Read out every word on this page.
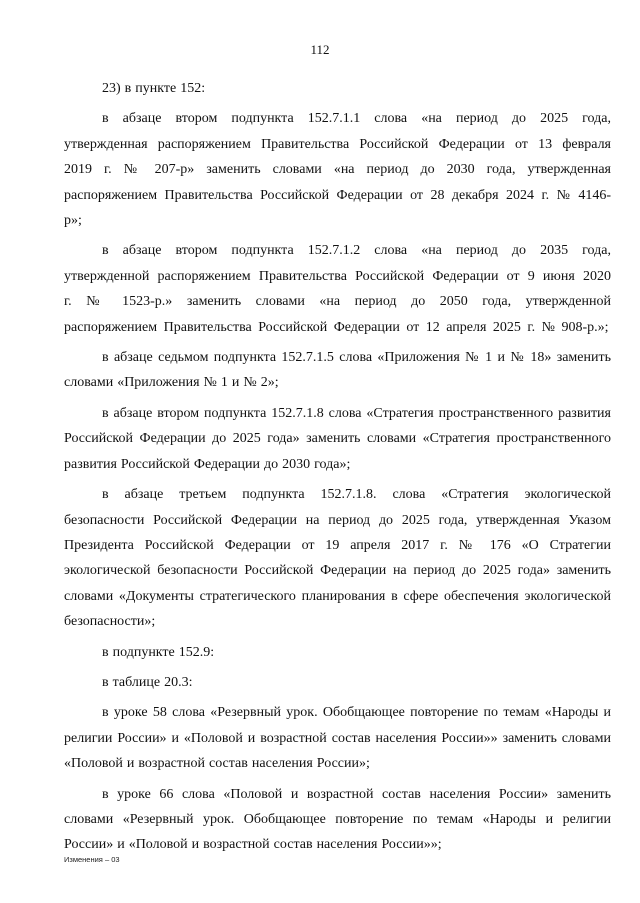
112

23) в пункте 152:

в абзаце втором подпункта 152.7.1.1 слова «на период до 2025 года, утвержденная распоряжением Правительства Российской Федерации от 13 февраля 2019 г. № 207-р» заменить словами «на период до 2030 года, утвержденная распоряжением Правительства Российской Федерации от 28 декабря 2024 г. № 4146-р»;

в абзаце втором подпункта 152.7.1.2 слова «на период до 2035 года, утвержденной распоряжением Правительства Российской Федерации от 9 июня 2020 г. № 1523-р.» заменить словами «на период до 2050 года, утвержденной распоряжением Правительства Российской Федерации от 12 апреля 2025 г. № 908-р.»;

в абзаце седьмом подпункта 152.7.1.5 слова «Приложения № 1 и № 18» заменить словами «Приложения № 1 и № 2»;

в абзаце втором подпункта 152.7.1.8 слова «Стратегия пространственного развития Российской Федерации до 2025 года» заменить словами «Стратегия пространственного развития Российской Федерации до 2030 года»;

в абзаце третьем подпункта 152.7.1.8. слова «Стратегия экологической безопасности Российской Федерации на период до 2025 года, утвержденная Указом Президента Российской Федерации от 19 апреля 2017 г. № 176 «О Стратегии экологической безопасности Российской Федерации на период до 2025 года» заменить словами «Документы стратегического планирования в сфере обеспечения экологической безопасности»;

в подпункте 152.9:

в таблице 20.3:

в уроке 58 слова «Резервный урок. Обобщающее повторение по темам «Народы и религии России» и «Половой и возрастной состав населения России»» заменить словами «Половой и возрастной состав населения России»;

в уроке 66 слова «Половой и возрастной состав населения России» заменить словами «Резервный урок. Обобщающее повторение по темам «Народы и религии России» и «Половой и возрастной состав населения России»»;

Изменения – 03
